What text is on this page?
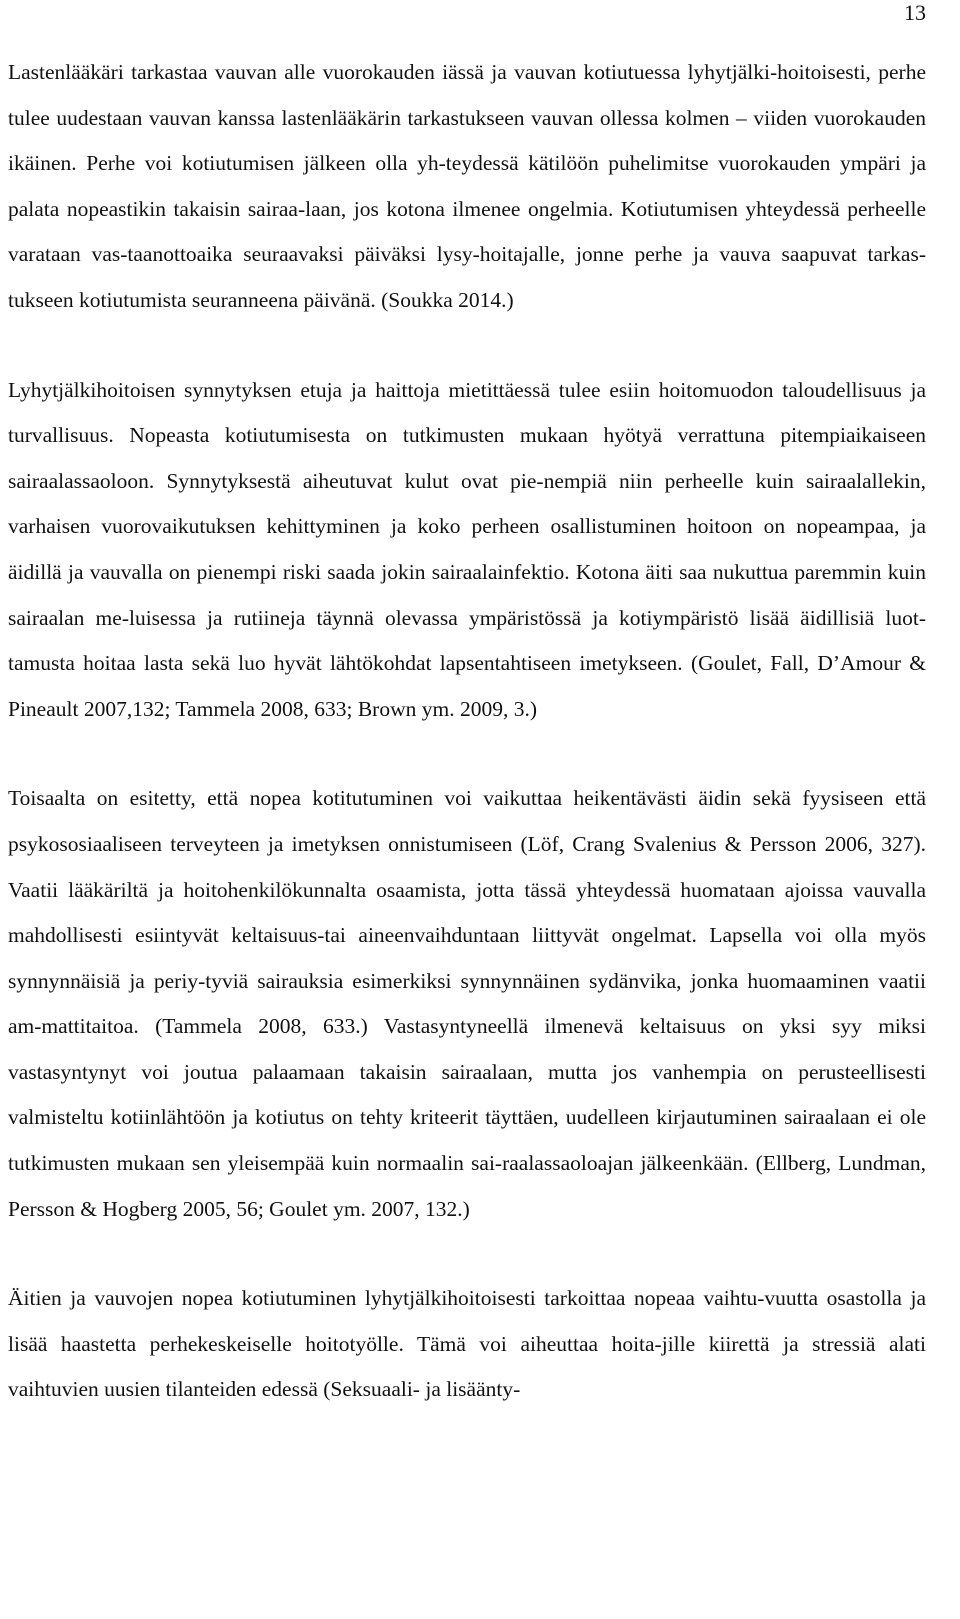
13

Lastenlääkäri tarkastaa vauvan alle vuorokauden iässä ja vauvan kotiutuessa lyhytjälki-hoitoisesti, perhe tulee uudestaan vauvan kanssa lastenlääkärin tarkastukseen vauvan ollessa kolmen – viiden vuorokauden ikäinen. Perhe voi kotiutumisen jälkeen olla yh-teydessä kätilöön puhelimitse vuorokauden ympäri ja palata nopeastikin takaisin sairaa-laan, jos kotona ilmenee ongelmia. Kotiutumisen yhteydessä perheelle varataan vas-taanottoaika seuraavaksi päiväksi lysy-hoitajalle, jonne perhe ja vauva saapuvat tarkas-tukseen kotiutumista seuranneena päivänä. (Soukka 2014.)

Lyhytjälkihoitoisen synnytyksen etuja ja haittoja mietittäessä tulee esiin hoitomuodon taloudellisuus ja turvallisuus. Nopeasta kotiutumisesta on tutkimusten mukaan hyötyä verrattuna pitempiaikaiseen sairaalassaoloon. Synnytyksestä aiheutuvat kulut ovat pie-nempiä niin perheelle kuin sairaalallekin, varhaisen vuorovaikutuksen kehittyminen ja koko perheen osallistuminen hoitoon on nopeampaa, ja äidillä ja vauvalla on pienempi riski saada jokin sairaalainfektio. Kotona äiti saa nukuttua paremmin kuin sairaalan me-luisessa ja rutiineja täynnä olevassa ympäristössä ja kotiympäristö lisää äidillisiä luot-tamusta hoitaa lasta sekä luo hyvät lähtökohdat lapsentahtiseen imetykseen. (Goulet, Fall, D’Amour & Pineault 2007,132; Tammela 2008, 633; Brown ym. 2009, 3.)

Toisaalta on esitetty, että nopea kotitutuminen voi vaikuttaa heikentävästi äidin sekä fyysiseen että psykososiaaliseen terveyteen ja imetyksen onnistumiseen (Löf, Crang Svalenius & Persson 2006, 327). Vaatii lääkäriltä ja hoitohenkilökunnalta osaamista, jotta tässä yhteydessä huomataan ajoissa vauvalla mahdollisesti esiintyvät keltaisuus-tai aineenvaihduntaan liittyvät ongelmat. Lapsella voi olla myös synnynnäisiä ja periy-tyviä sairauksia esimerkiksi synnynnäinen sydänvika, jonka huomaaminen vaatii am-mattitaitoa. (Tammela 2008, 633.) Vastasyntyneellä ilmenevä keltaisuus on yksi syy miksi vastasyntynyt voi joutua palaamaan takaisin sairaalaan, mutta jos vanhempia on perusteellisesti valmisteltu kotiinlähtöön ja kotiutus on tehty kriteerit täyttäen, uudelleen kirjautuminen sairaalaan ei ole tutkimusten mukaan sen yleisempää kuin normaalin sai-raalassaoloajan jälkeenkään. (Ellberg, Lundman, Persson & Hogberg 2005, 56; Goulet ym. 2007, 132.)

Äitien ja vauvojen nopea kotiutuminen lyhytjälkihoitoisesti tarkoittaa nopeaa vaihtu-vuutta osastolla ja lisää haastetta perhekeskeiselle hoitotyölle. Tämä voi aiheuttaa hoita-jille kiirettä ja stressiä alati vaihtuvien uusien tilanteiden edessä (Seksuaali- ja lisäänty-
